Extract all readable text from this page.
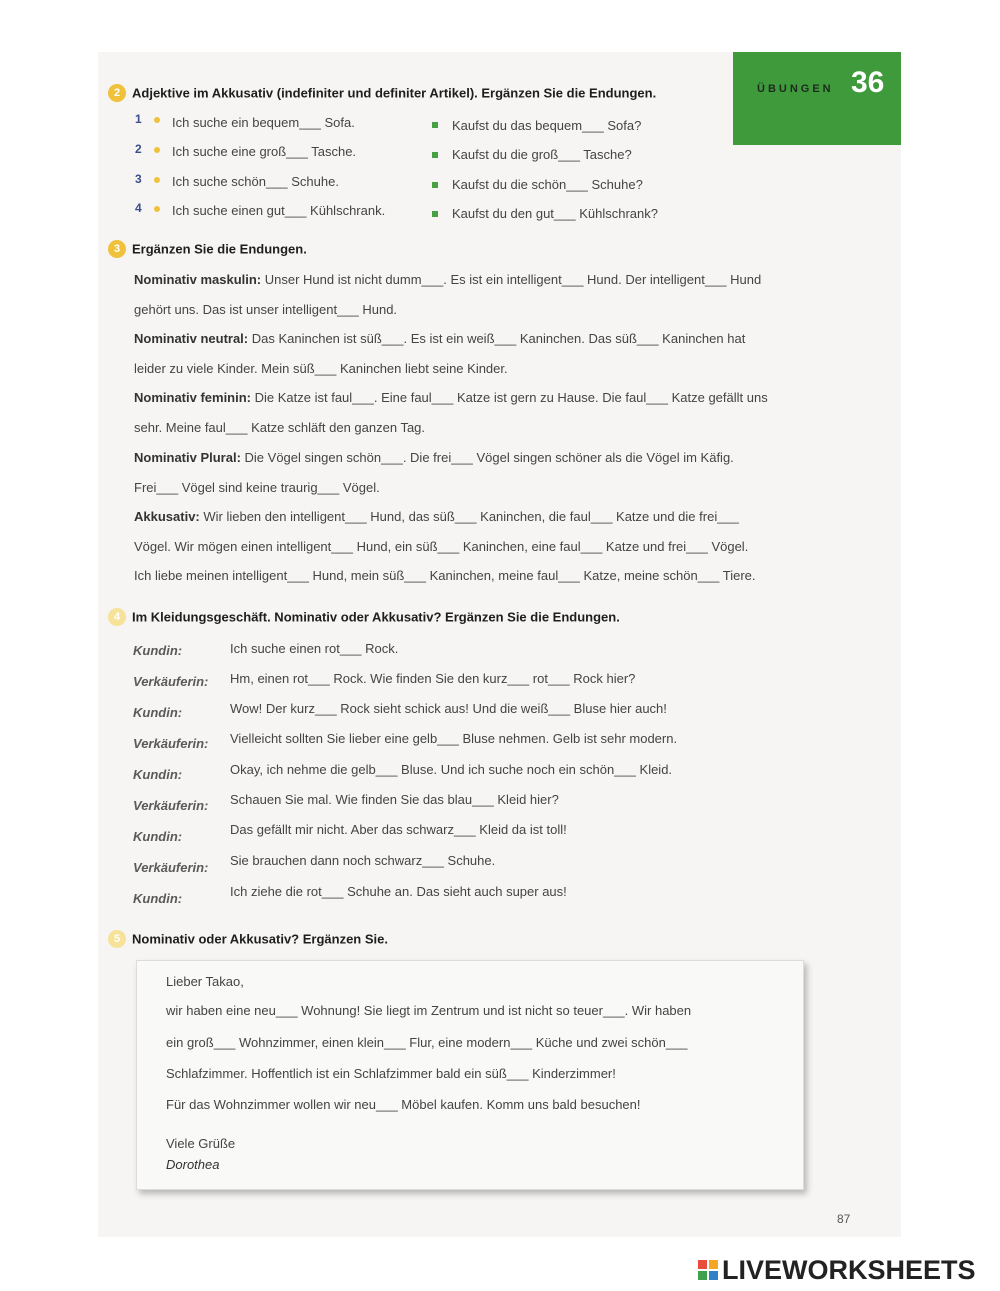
ÜBUNGEN 36
2 Adjektive im Akkusativ (indefiniter und definiter Artikel). Ergänzen Sie die Endungen.
1 Ich suche ein bequem___ Sofa.	Kaufst du das bequem___ Sofa?
2 Ich suche eine groß___ Tasche.	Kaufst du die groß___ Tasche?
3 Ich suche schön___ Schuhe.	Kaufst du die schön___ Schuhe?
4 Ich suche einen gut___ Kühlschrank.	Kaufst du den gut___ Kühlschrank?
3 Ergänzen Sie die Endungen.
Nominativ maskulin: Unser Hund ist nicht dumm___. Es ist ein intelligent___ Hund. Der intelligent___ Hund
gehört uns. Das ist unser intelligent___ Hund.
Nominativ neutral: Das Kaninchen ist süß___. Es ist ein weiß___ Kaninchen. Das süß___ Kaninchen hat
leider zu viele Kinder. Mein süß___ Kaninchen liebt seine Kinder.
Nominativ feminin: Die Katze ist faul___. Eine faul___ Katze ist gern zu Hause. Die faul___ Katze gefällt uns
sehr. Meine faul___ Katze schläft den ganzen Tag.
Nominativ Plural: Die Vögel singen schön___. Die frei___ Vögel singen schöner als die Vögel im Käfig.
Frei___ Vögel sind keine traurig___ Vögel.
Akkusativ: Wir lieben den intelligent___ Hund, das süß___ Kaninchen, die faul___ Katze und die frei___
Vögel. Wir mögen einen intelligent___ Hund, ein süß___ Kaninchen, eine faul___ Katze und frei___ Vögel.
Ich liebe meinen intelligent___ Hund, mein süß___ Kaninchen, meine faul___ Katze, meine schön___ Tiere.
4 Im Kleidungsgeschäft. Nominativ oder Akkusativ? Ergänzen Sie die Endungen.
Kundin:	Ich suche einen rot___ Rock.
Verkäuferin: Hm, einen rot___ Rock. Wie finden Sie den kurz___ rot___ Rock hier?
Kundin:	Wow! Der kurz___ Rock sieht schick aus! Und die weiß___ Bluse hier auch!
Verkäuferin: Vielleicht sollten Sie lieber eine gelb___ Bluse nehmen. Gelb ist sehr modern.
Kundin:	Okay, ich nehme die gelb___ Bluse. Und ich suche noch ein schön___ Kleid.
Verkäuferin: Schauen Sie mal. Wie finden Sie das blau___ Kleid hier?
Kundin:	Das gefällt mir nicht. Aber das schwarz___ Kleid da ist toll!
Verkäuferin: Sie brauchen dann noch schwarz___ Schuhe.
Kundin:	Ich ziehe die rot___ Schuhe an. Das sieht auch super aus!
5 Nominativ oder Akkusativ? Ergänzen Sie.
Lieber Takao,
wir haben eine neu___ Wohnung! Sie liegt im Zentrum und ist nicht so teuer___. Wir haben
ein groß___ Wohnzimmer, einen klein___ Flur, eine modern___ Küche und zwei schön___
Schlafzimmer. Hoffentlich ist ein Schlafzimmer bald ein süß___ Kinderzimmer!
Für das Wohnzimmer wollen wir neu___ Möbel kaufen. Komm uns bald besuchen!
Viele Grüße
Dorothea
87
LIVEWORKSHEETS
